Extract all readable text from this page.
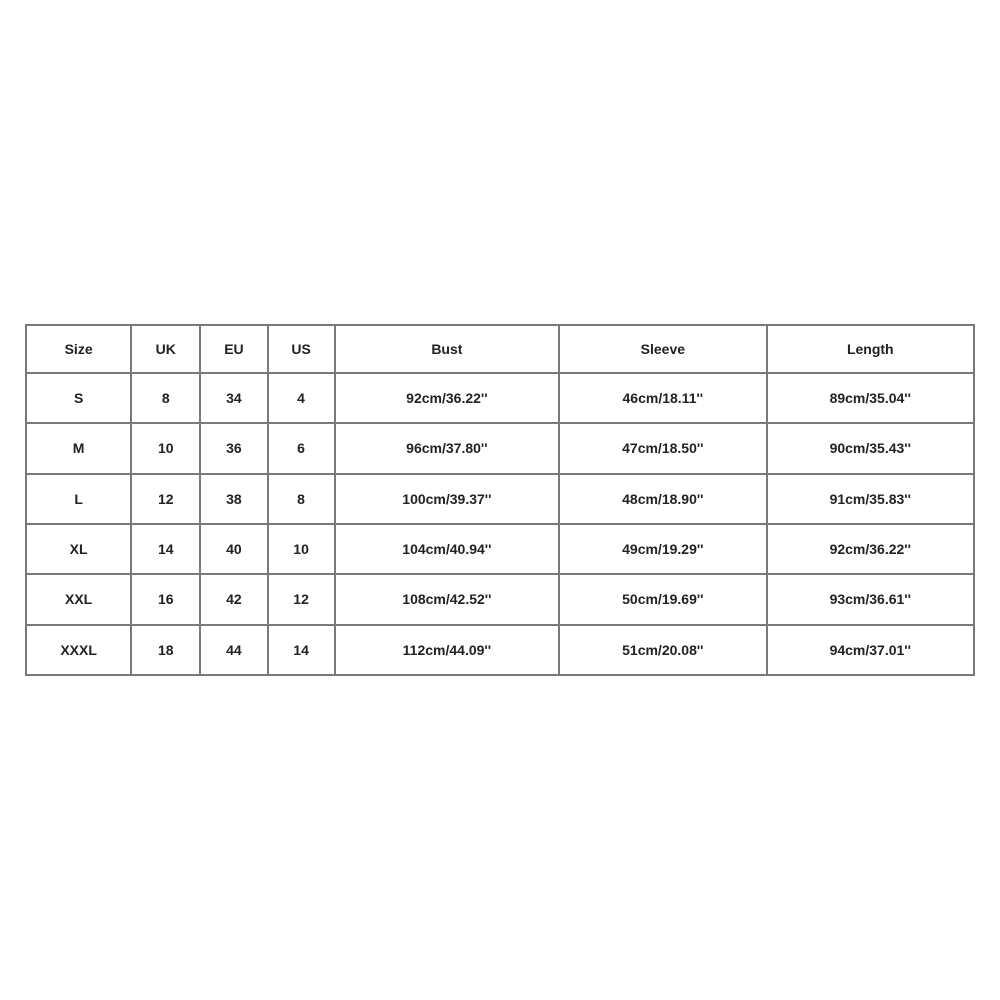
Size	UK	EU	US	Bust	Sleeve	Length
S	8	34	4	92cm/36.22''	46cm/18.11''	89cm/35.04''
M	10	36	6	96cm/37.80''	47cm/18.50''	90cm/35.43''
L	12	38	8	100cm/39.37''	48cm/18.90''	91cm/35.83''
XL	14	40	10	104cm/40.94''	49cm/19.29''	92cm/36.22''
XXL	16	42	12	108cm/42.52''	50cm/19.69''	93cm/36.61''
XXXL	18	44	14	112cm/44.09''	51cm/20.08''	94cm/37.01''
